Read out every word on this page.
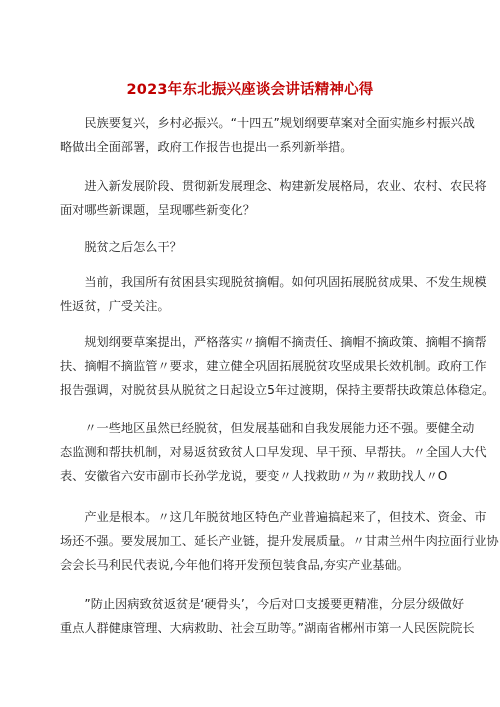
2023年东北振兴座谈会讲话精神心得
　　民族要复兴，乡村必振兴。“十四五”规划纲要草案对全面实施乡村振兴战
略做出全面部署，政府工作报告也提出一系列新举措。
　　进入新发展阶段、贯彻新发展理念、构建新发展格局，农业、农村、农民将
面对哪些新课题，呈现哪些新变化？
　　脱贫之后怎么干？
　　当前，我国所有贫困县实现脱贫摘帽。如何巩固拓展脱贫成果、不发生规模
性返贫，广受关注。
　　规划纲要草案提出，严格落实〃摘帽不摘责任、摘帽不摘政策、摘帽不摘帮
扶、摘帽不摘监管〃要求，建立健全巩固拓展脱贫攻坚成果长效机制。政府工作
报告强调，对脱贫县从脱贫之日起设立5年过渡期，保持主要帮扶政策总体稳定。
　　〃一些地区虽然已经脱贫，但发展基础和自我发展能力还不强。要健全动
态监测和帮扶机制，对易返贫致贫人口早发现、早干预、早帮扶。〃全国人大代
表、安徽省六安市副市长孙学龙说，要变〃人找救助〃为〃救助找人〃O
　　产业是根本。〃这几年脱贫地区特色产业普遍搞起来了，但技术、资金、市
场还不强。要发展加工、延长产业链，提升发展质量。〃甘肃兰州牛肉拉面行业协
会会长马利民代表说,今年他们将开发预包装食品,夯实产业基础。
　　”防止因病致贫返贫是‘硬骨头’，今后对口支援要更精准，分层分级做好
重点人群健康管理、大病救助、社会互助等。”湖南省郴州市第一人民医院院长
